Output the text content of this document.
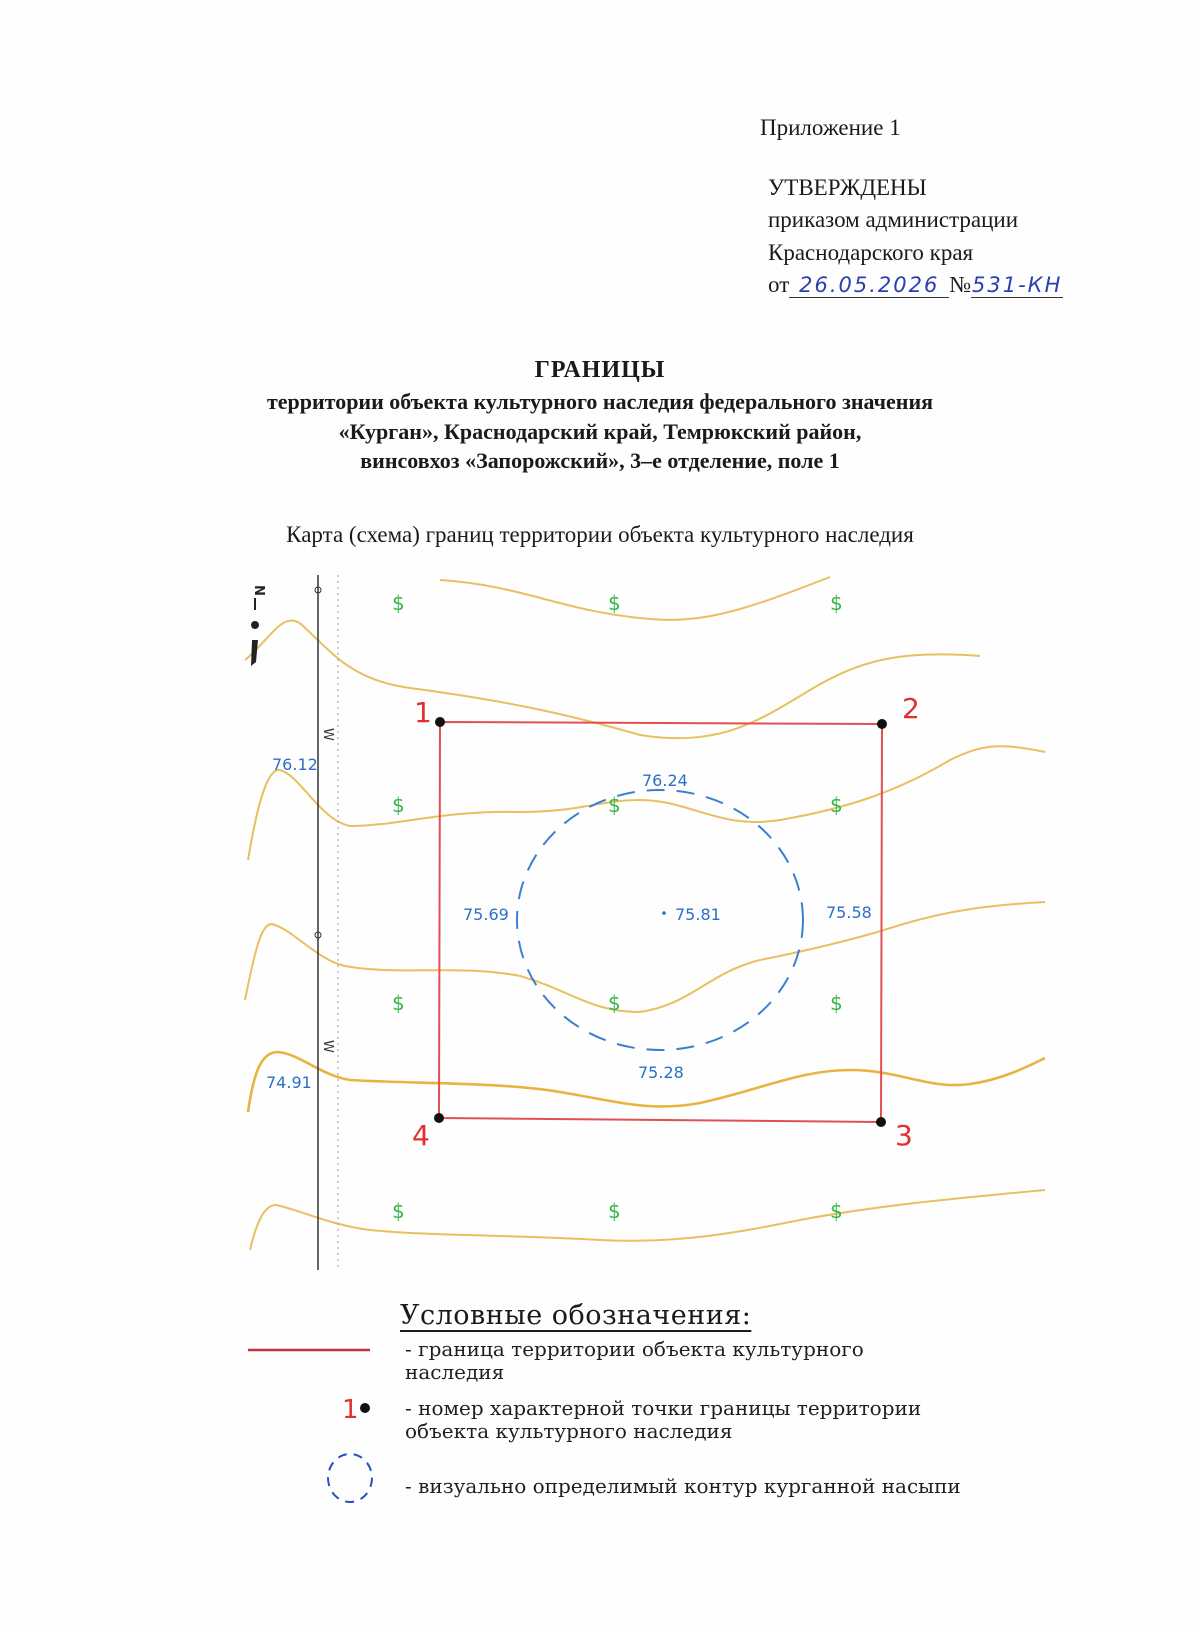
Приложение 1
УТВЕРЖДЕНЫ
приказом администрации
Краснодарского края
от 26.05.2026 №531-КН
ГРАНИЦЫ
территории объекта культурного наследия федерального значения
«Курган», Краснодарский край, Темрюкский район,
винсовхоз «Запорожский», 3–е отделение, поле 1
Карта (схема) границ территории объекта культурного наследия
W
W
N
$	$	$
$	$	$
$	$	$
$	$	$
1	2
3
4
76.12
74.91
76.24
75.69	75.81	75.58
75.28
1
Условные обозначения:
- граница территории объекта культурного
наследия
- номер характерной точки границы территории
объекта культурного наследия
- визуально определимый контур курганной насыпи
